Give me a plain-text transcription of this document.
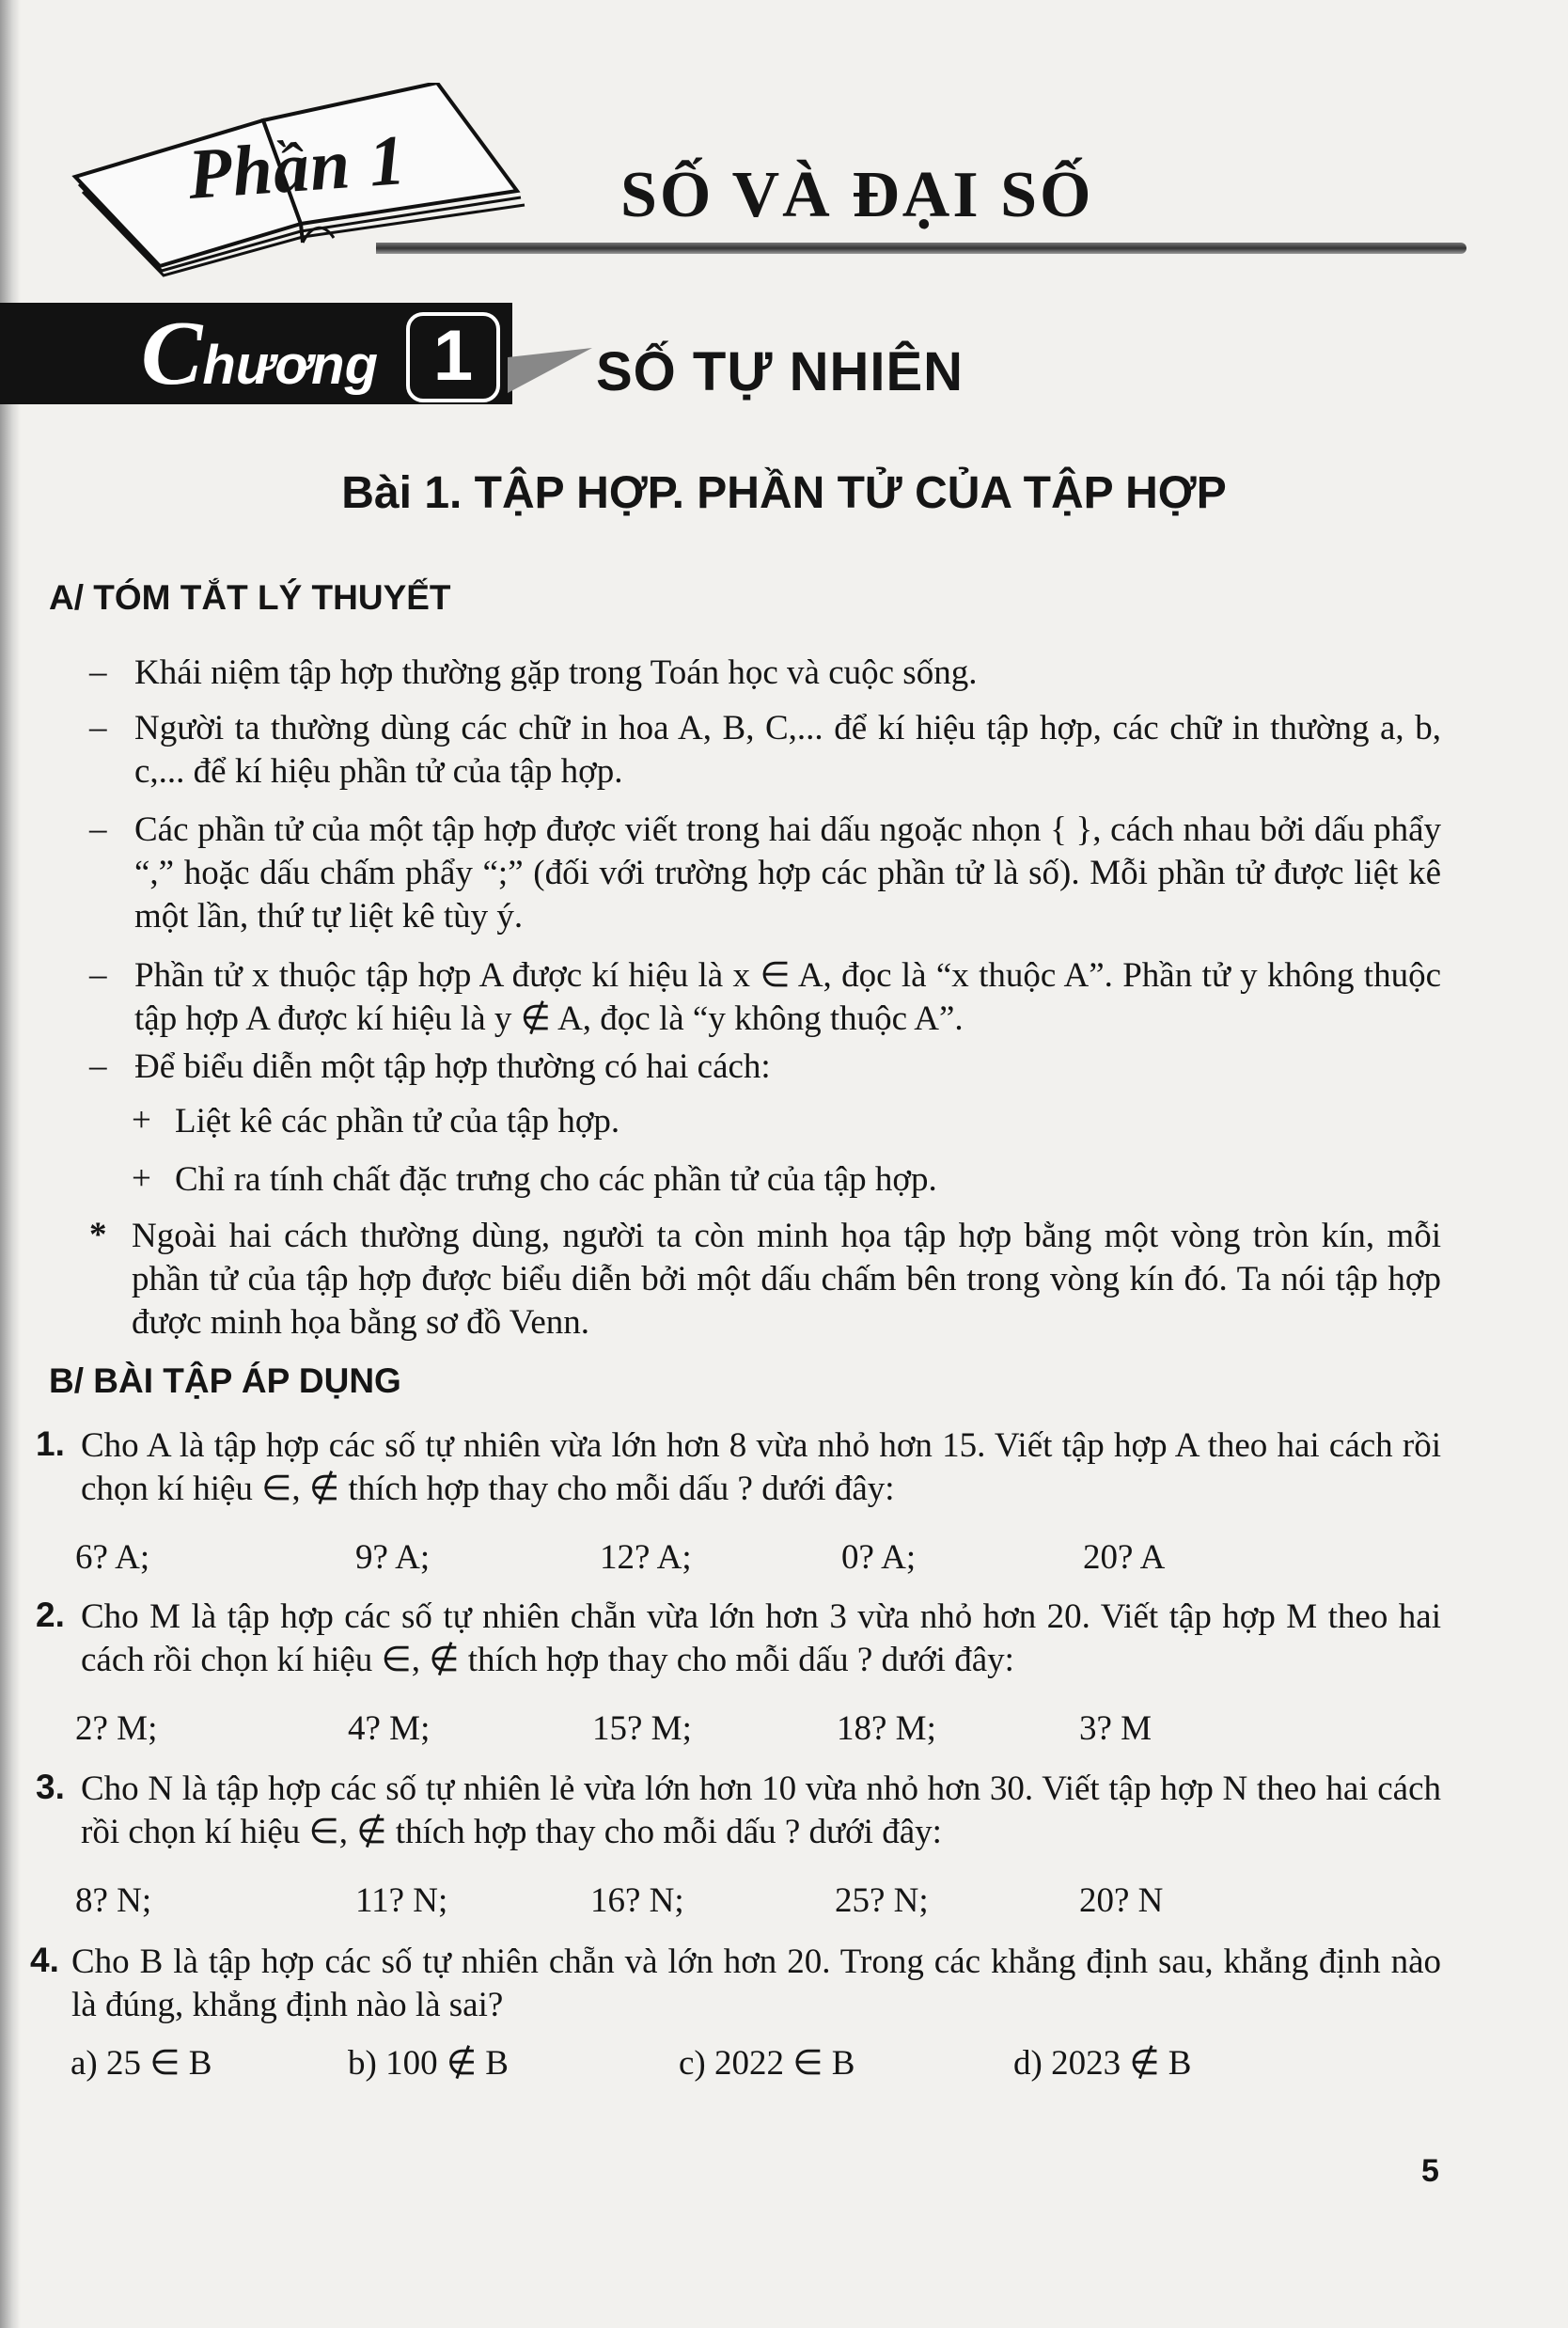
Phần 1	SỐ VÀ ĐẠI SỐ
Chương 1	SỐ TỰ NHIÊN
Bài 1. TẬP HỢP. PHẦN TỬ CỦA TẬP HỢP
A/ TÓM TẮT LÝ THUYẾT
– Khái niệm tập hợp thường gặp trong Toán học và cuộc sống.
– Người ta thường dùng các chữ in hoa A, B, C,... để kí hiệu tập hợp, các chữ in thường a, b, c,... để kí hiệu phần tử của tập hợp.
– Các phần tử của một tập hợp được viết trong hai dấu ngoặc nhọn { }, cách nhau bởi dấu phẩy “,” hoặc dấu chấm phẩy “;” (đối với trường hợp các phần tử là số). Mỗi phần tử được liệt kê một lần, thứ tự liệt kê tùy ý.
– Phần tử x thuộc tập hợp A được kí hiệu là x ∈ A, đọc là “x thuộc A”. Phần tử y không thuộc tập hợp A được kí hiệu là y ∉ A, đọc là “y không thuộc A”.
– Để biểu diễn một tập hợp thường có hai cách:
+ Liệt kê các phần tử của tập hợp.
+ Chỉ ra tính chất đặc trưng cho các phần tử của tập hợp.
* Ngoài hai cách thường dùng, người ta còn minh họa tập hợp bằng một vòng tròn kín, mỗi phần tử của tập hợp được biểu diễn bởi một dấu chấm bên trong vòng kín đó. Ta nói tập hợp được minh họa bằng sơ đồ Venn.
B/ BÀI TẬP ÁP DỤNG
1. Cho A là tập hợp các số tự nhiên vừa lớn hơn 8 vừa nhỏ hơn 15. Viết tập hợp A theo hai cách rồi chọn kí hiệu ∈, ∉ thích hợp thay cho mỗi dấu ? dưới đây:
6? A;	9? A;	12? A;	0? A;	20? A
2. Cho M là tập hợp các số tự nhiên chẵn vừa lớn hơn 3 vừa nhỏ hơn 20. Viết tập hợp M theo hai cách rồi chọn kí hiệu ∈, ∉ thích hợp thay cho mỗi dấu ? dưới đây:
2? M;	4? M;	15? M;	18? M;	3? M
3. Cho N là tập hợp các số tự nhiên lẻ vừa lớn hơn 10 vừa nhỏ hơn 30. Viết tập hợp N theo hai cách rồi chọn kí hiệu ∈, ∉ thích hợp thay cho mỗi dấu ? dưới đây:
8? N;	11? N;	16? N;	25? N;	20? N
4. Cho B là tập hợp các số tự nhiên chẵn và lớn hơn 20. Trong các khẳng định sau, khẳng định nào là đúng, khẳng định nào là sai?
a) 25 ∈ B	b) 100 ∉ B	c) 2022 ∈ B	d) 2023 ∉ B
5
